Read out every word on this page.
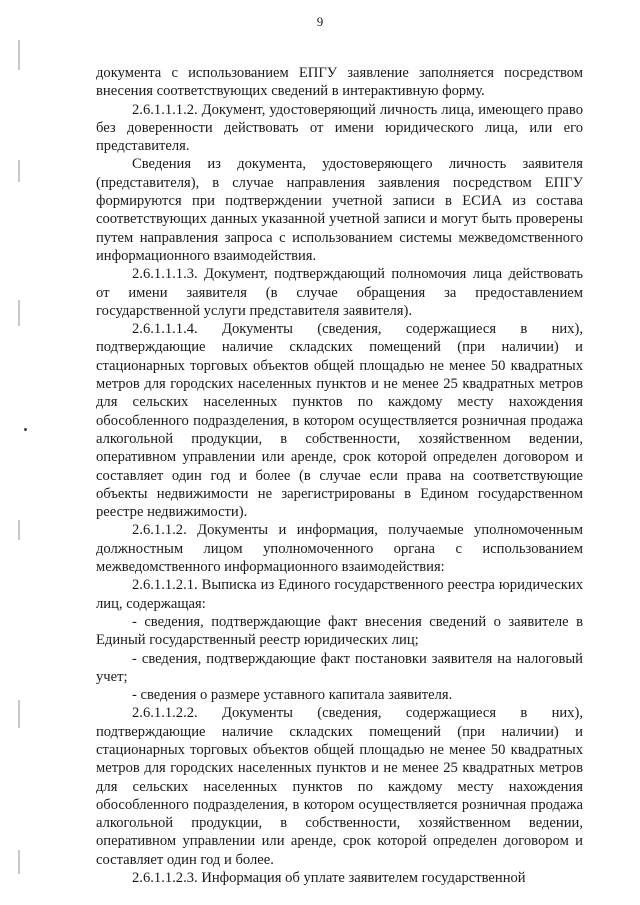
9

документа с использованием ЕПГУ заявление заполняется посредством внесения соответствующих сведений в интерактивную форму.

2.6.1.1.1.2. Документ, удостоверяющий личность лица, имеющего право без доверенности действовать от имени юридического лица, или его представителя.

Сведения из документа, удостоверяющего личность заявителя (представителя), в случае направления заявления посредством ЕПГУ формируются при подтверждении учетной записи в ЕСИА из состава соответствующих данных указанной учетной записи и могут быть проверены путем направления запроса с использованием системы межведомственного информационного взаимодействия.

2.6.1.1.1.3. Документ, подтверждающий полномочия лица действовать от имени заявителя (в случае обращения за предоставлением государственной услуги представителя заявителя).

2.6.1.1.1.4. Документы (сведения, содержащиеся в них), подтверждающие наличие складских помещений (при наличии) и стационарных торговых объектов общей площадью не менее 50 квадратных метров для городских населенных пунктов и не менее 25 квадратных метров для сельских населенных пунктов по каждому месту нахождения обособленного подразделения, в котором осуществляется розничная продажа алкогольной продукции, в собственности, хозяйственном ведении, оперативном управлении или аренде, срок которой определен договором и составляет один год и более (в случае если права на соответствующие объекты недвижимости не зарегистрированы в Едином государственном реестре недвижимости).

2.6.1.1.2. Документы и информация, получаемые уполномоченным должностным лицом уполномоченного органа с использованием межведомственного информационного взаимодействия:

2.6.1.1.2.1. Выписка из Единого государственного реестра юридических лиц, содержащая:

- сведения, подтверждающие факт внесения сведений о заявителе в Единый государственный реестр юридических лиц;

- сведения, подтверждающие факт постановки заявителя на налоговый учет;

- сведения о размере уставного капитала заявителя.

2.6.1.1.2.2. Документы (сведения, содержащиеся в них), подтверждающие наличие складских помещений (при наличии) и стационарных торговых объектов общей площадью не менее 50 квадратных метров для городских населенных пунктов и не менее 25 квадратных метров для сельских населенных пунктов по каждому месту нахождения обособленного подразделения, в котором осуществляется розничная продажа алкогольной продукции, в собственности, хозяйственном ведении, оперативном управлении или аренде, срок которой определен договором и составляет один год и более.

2.6.1.1.2.3. Информация об уплате заявителем государственной
